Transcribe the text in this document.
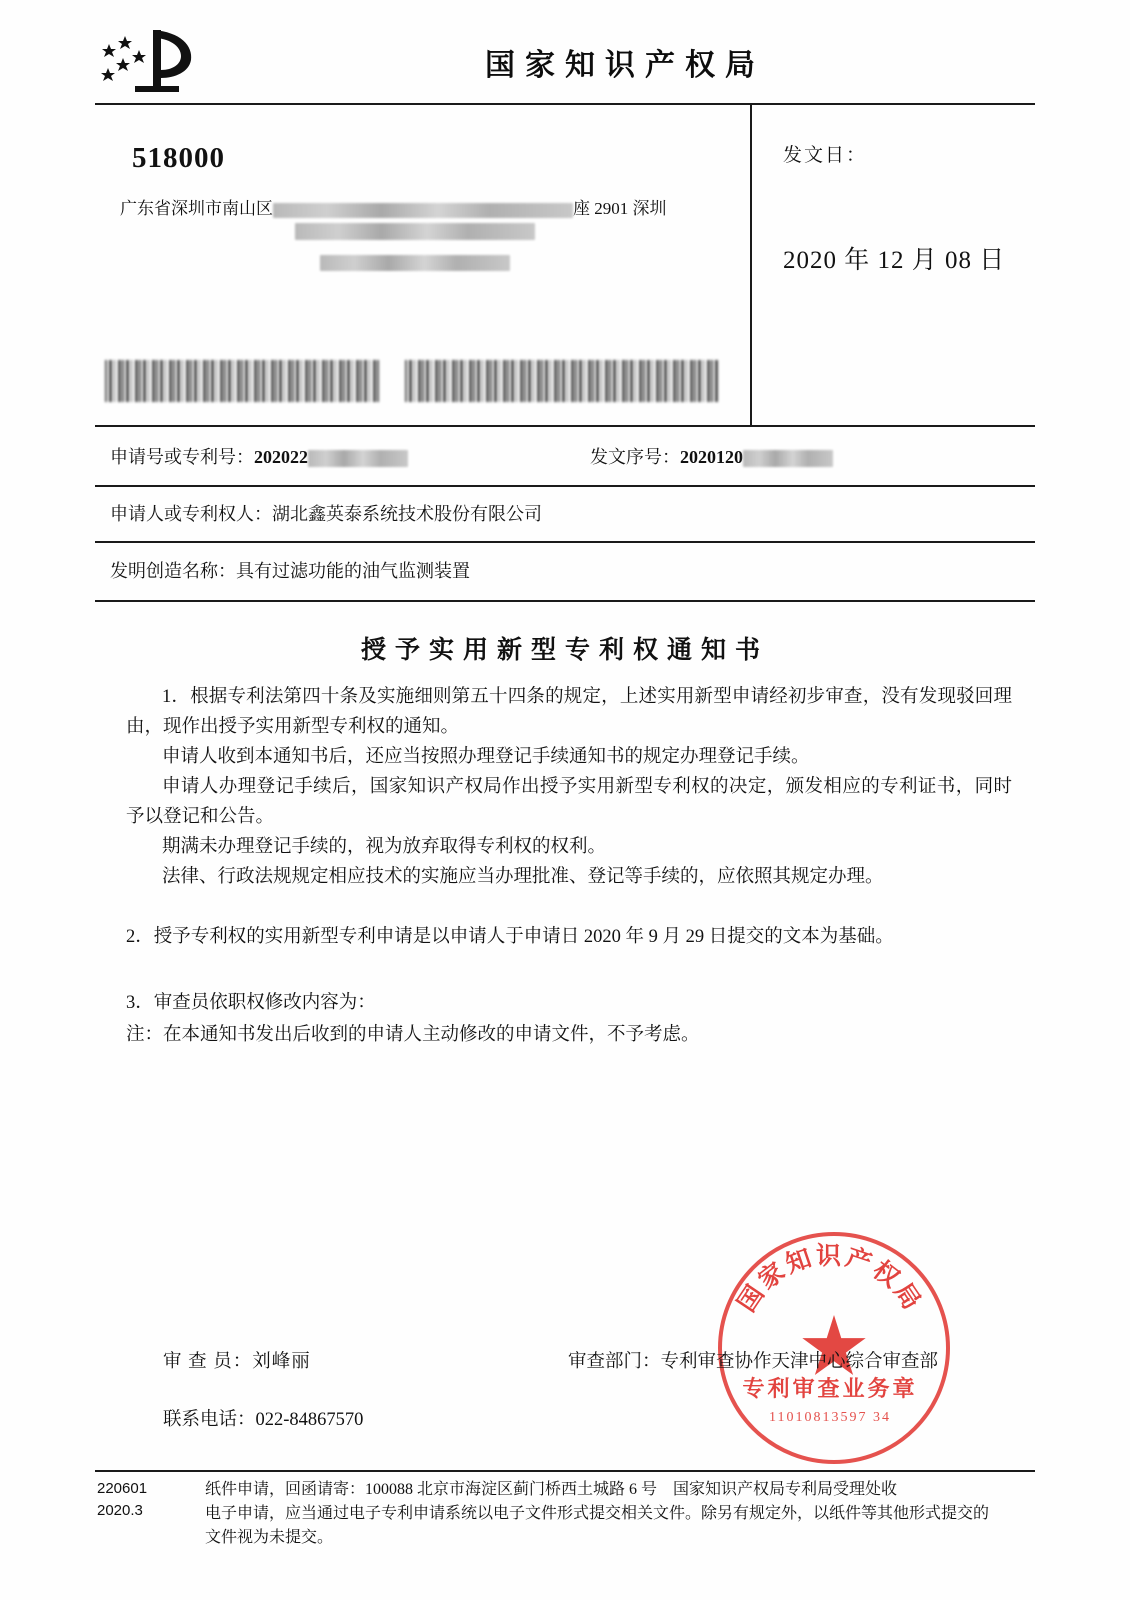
国家知识产权局
518000
广东省深圳市南山区	座 2901 深圳
发文日：
2020 年 12 月 08 日
申请号或专利号：202022	发文序号：2020120
申请人或专利权人：湖北鑫英泰系统技术股份有限公司
发明创造名称：具有过滤功能的油气监测装置
授予实用新型专利权通知书
1．根据专利法第四十条及实施细则第五十四条的规定，上述实用新型申请经初步审查，没有发现驳回理由，现作出授予实用新型专利权的通知。
申请人收到本通知书后，还应当按照办理登记手续通知书的规定办理登记手续。
申请人办理登记手续后，国家知识产权局作出授予实用新型专利权的决定，颁发相应的专利证书，同时予以登记和公告。
期满未办理登记手续的，视为放弃取得专利权的权利。
法律、行政法规规定相应技术的实施应当办理批准、登记等手续的，应依照其规定办理。
2．授予专利权的实用新型专利申请是以申请人于申请日 2020 年 9 月 29 日提交的文本为基础。
3．审查员依职权修改内容为：
注：在本通知书发出后收到的申请人主动修改的申请文件，不予考虑。
国家知识产权局
专利审查业务章
11010813597 34
审 查 员：刘峰丽	审查部门：专利审查协作天津中心综合审查部
联系电话：022-84867570
220601
2020.3
纸件申请，回函请寄：100088 北京市海淀区蓟门桥西土城路 6 号　国家知识产权局专利局受理处收
电子申请，应当通过电子专利申请系统以电子文件形式提交相关文件。除另有规定外，以纸件等其他形式提交的
文件视为未提交。
